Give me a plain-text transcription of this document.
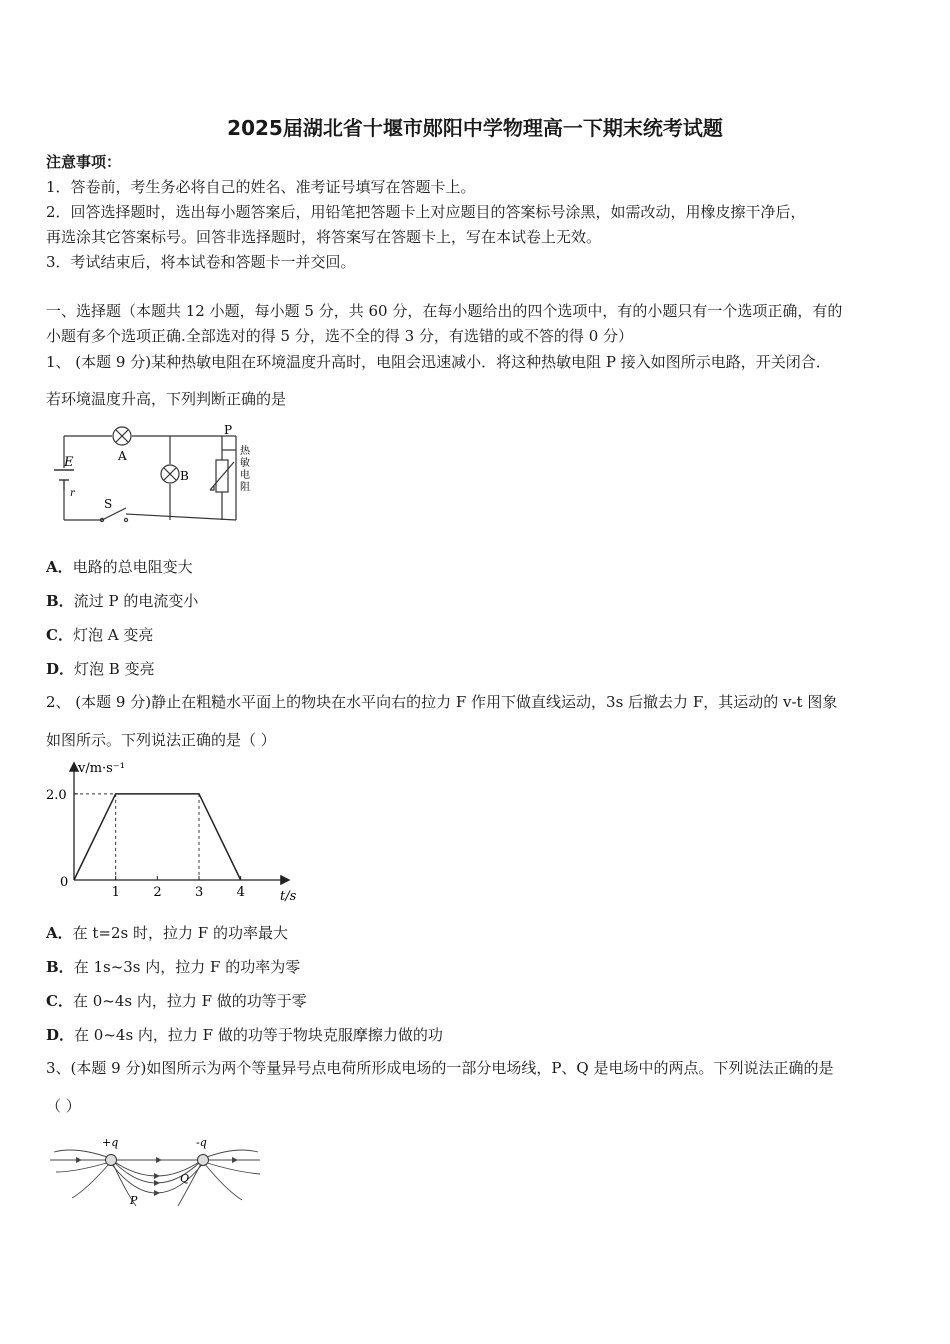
2025届湖北省十堰市郧阳中学物理高一下期末统考试题
注意事项：
1．答卷前，考生务必将自己的姓名、准考证号填写在答题卡上。
2．回答选择题时，选出每小题答案后，用铅笔把答题卡上对应题目的答案标号涂黑，如需改动，用橡皮擦干净后，
再选涂其它答案标号。回答非选择题时，将答案写在答题卡上，写在本试卷上无效。
3．考试结束后，将本试卷和答题卡一并交回。
一、选择题（本题共 12 小题，每小题 5 分，共 60 分，在每小题给出的四个选项中，有的小题只有一个选项正确，有的
小题有多个选项正确.全部选对的得 5 分，选不全的得 3 分，有选错的或不答的得 0 分）
1、 (本题 9 分)某种热敏电阻在环境温度升高时，电阻会迅速减小．将这种热敏电阻 P 接入如图所示电路，开关闭合．
若环境温度升高，下列判断正确的是
E
r
S
A
B
P
热
敏
电
阻
A．电路的总电阻变大
B．流过 P 的电流变小
C．灯泡 A 变亮
D．灯泡 B 变亮
2、 (本题 9 分)静止在粗糙水平面上的物块在水平向右的拉力 F 作用下做直线运动，3s 后撤去力 F，其运动的 v-t 图象
如图所示。下列说法正确的是（ ）
1	2	3	4
2.0
v/m·s⁻¹
t/s
0
A．在 t=2s 时，拉力 F 的功率最大
B．在 1s~3s 内，拉力 F 的功率为零
C．在 0~4s 内，拉力 F 做的功等于零
D．在 0~4s 内，拉力 F 做的功等于物块克服摩擦力做的功
3、(本题 9 分)如图所示为两个等量异号点电荷所形成电场的一部分电场线，P、Q 是电场中的两点。下列说法正确的是
（ ）
+q	-q
P
Q
